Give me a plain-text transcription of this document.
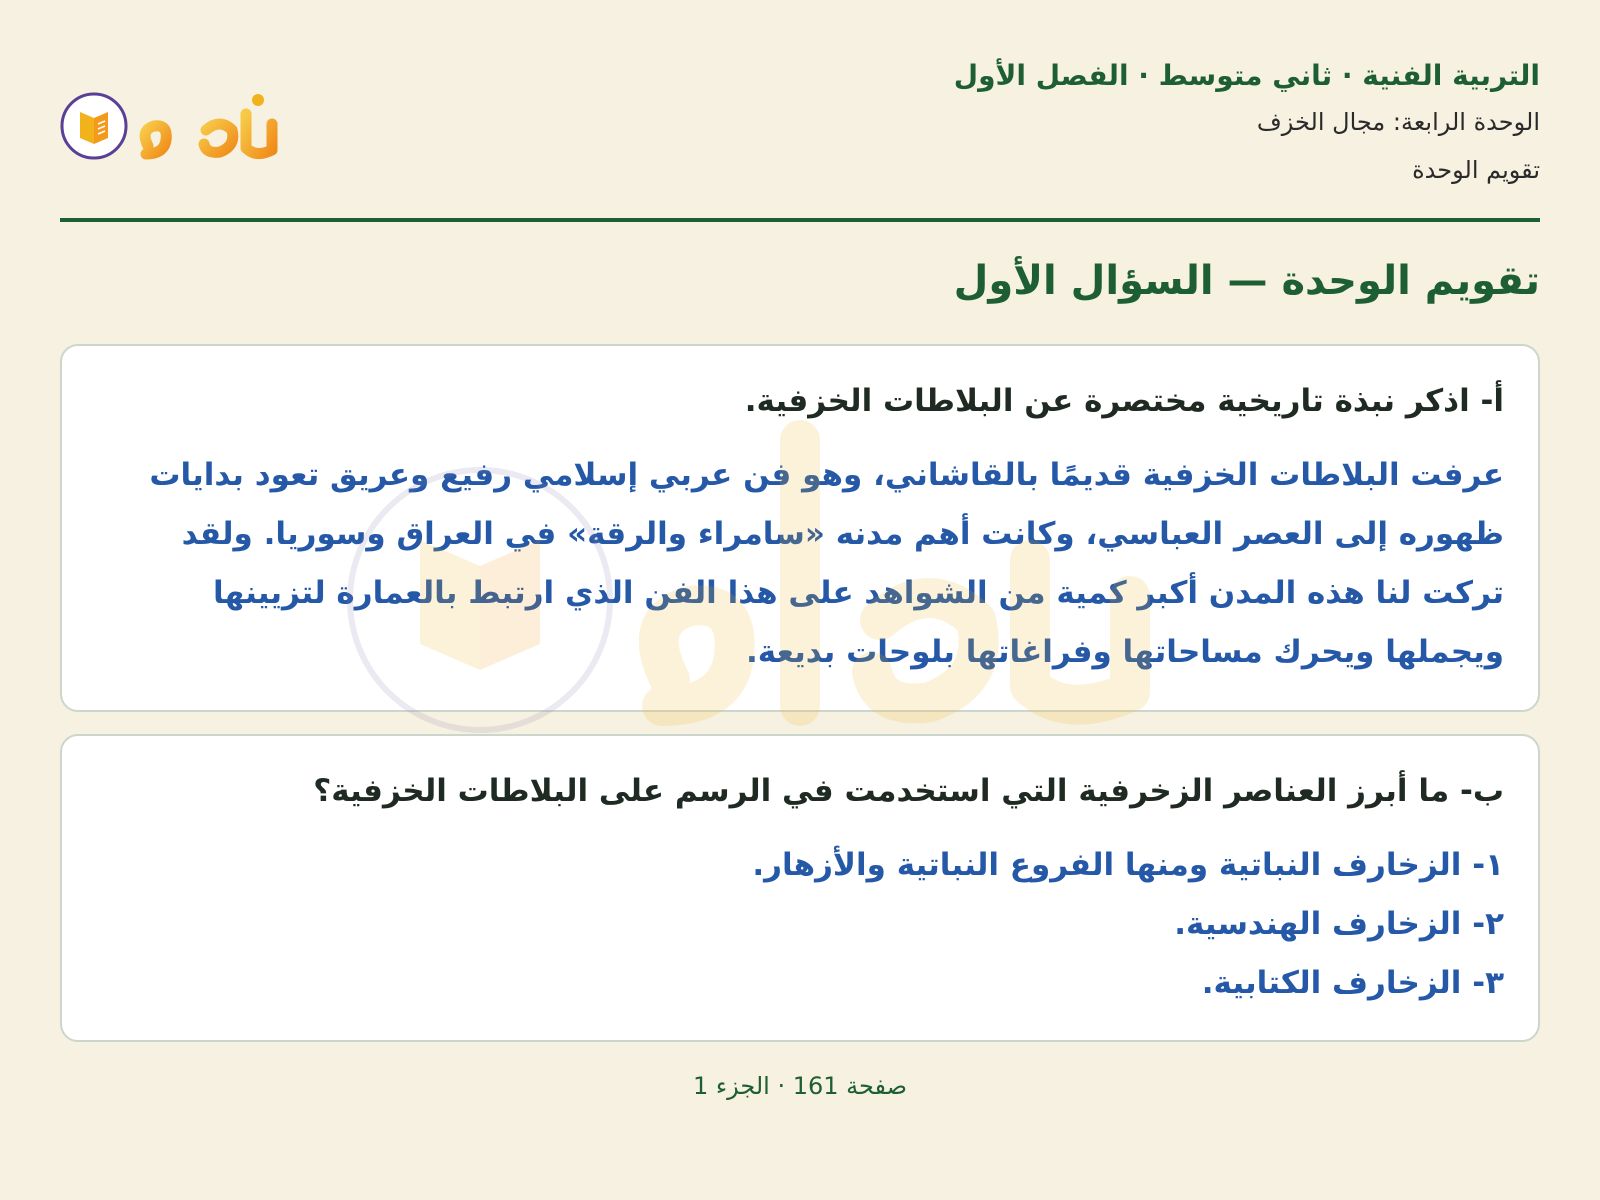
التربية الفنية · ثاني متوسط · الفصل الأول

الوحدة الرابعة: مجال الخزف

تقويم الوحدة

تقويم الوحدة — السؤال الأول

أ- اذكر نبذة تاريخية مختصرة عن البلاطات الخزفية.

عرفت البلاطات الخزفية قديمًا بالقاشاني، وهو فن عربي إسلامي رفيع وعريق تعود بدايات ظهوره إلى العصر العباسي، وكانت أهم مدنه «سامراء والرقة» في العراق وسوريا. ولقد تركت لنا هذه المدن أكبر كمية من الشواهد على هذا الفن الذي ارتبط بالعمارة لتزيينها ويجملها ويحرك مساحاتها وفراغاتها بلوحات بديعة.

ب- ما أبرز العناصر الزخرفية التي استخدمت في الرسم على البلاطات الخزفية؟

١- الزخارف النباتية ومنها الفروع النباتية والأزهار.

٢- الزخارف الهندسية.

٣- الزخارف الكتابية.

صفحة 161 · الجزء 1
